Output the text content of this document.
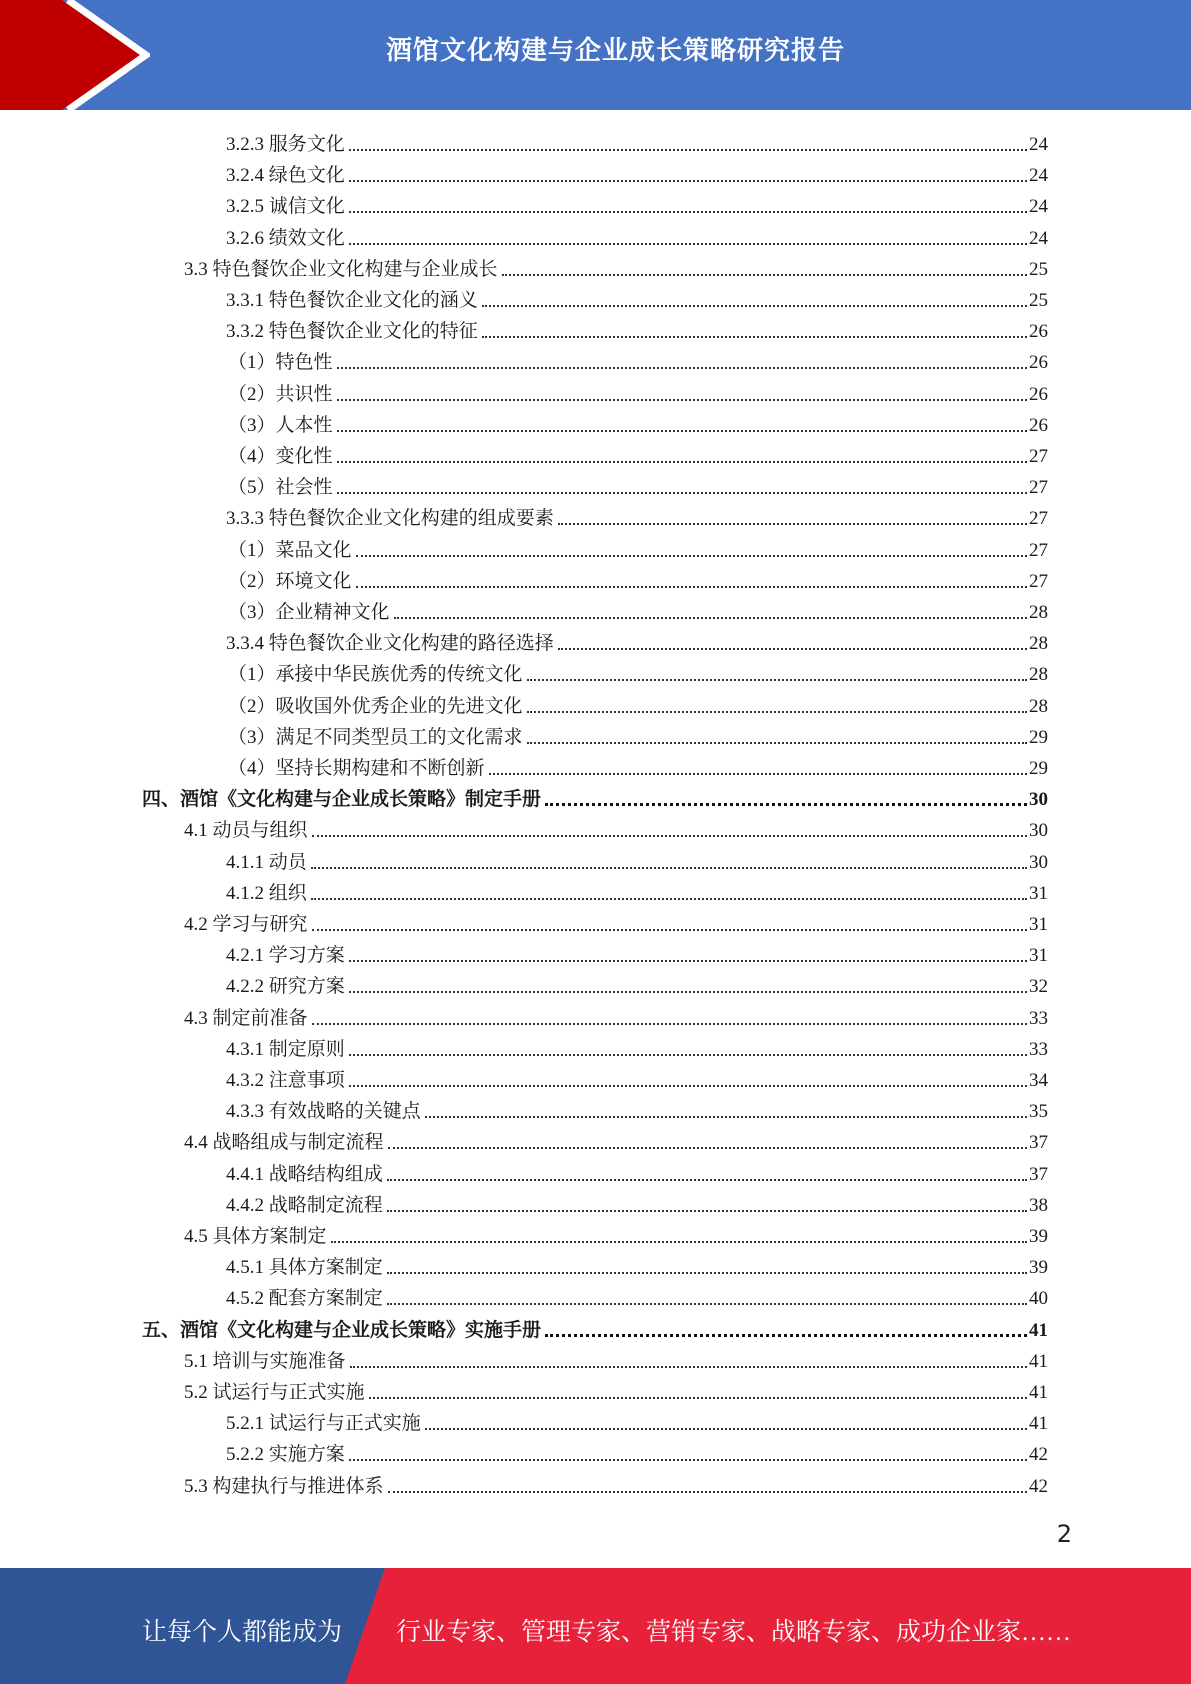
酒馆文化构建与企业成长策略研究报告
3.2.3 服务文化	24
3.2.4 绿色文化	24
3.2.5 诚信文化	24
3.2.6 绩效文化	24
3.3 特色餐饮企业文化构建与企业成长	25
3.3.1 特色餐饮企业文化的涵义	25
3.3.2 特色餐饮企业文化的特征	26
（1）特色性	26
（2）共识性	26
（3）人本性	26
（4）变化性	27
（5）社会性	27
3.3.3 特色餐饮企业文化构建的组成要素	27
（1）菜品文化	27
（2）环境文化	27
（3）企业精神文化	28
3.3.4 特色餐饮企业文化构建的路径选择	28
（1）承接中华民族优秀的传统文化	28
（2）吸收国外优秀企业的先进文化	28
（3）满足不同类型员工的文化需求	29
（4）坚持长期构建和不断创新	29
四、酒馆《文化构建与企业成长策略》制定手册	30
4.1 动员与组织	30
4.1.1 动员	30
4.1.2 组织	31
4.2 学习与研究	31
4.2.1 学习方案	31
4.2.2 研究方案	32
4.3 制定前准备	33
4.3.1 制定原则	33
4.3.2 注意事项	34
4.3.3 有效战略的关键点	35
4.4 战略组成与制定流程	37
4.4.1 战略结构组成	37
4.4.2 战略制定流程	38
4.5 具体方案制定	39
4.5.1 具体方案制定	39
4.5.2 配套方案制定	40
五、酒馆《文化构建与企业成长策略》实施手册	41
5.1 培训与实施准备	41
5.2 试运行与正式实施	41
5.2.1 试运行与正式实施	41
5.2.2 实施方案	42
5.3 构建执行与推进体系	42
2
让每个人都能成为 行业专家、管理专家、营销专家、战略专家、成功企业家……
